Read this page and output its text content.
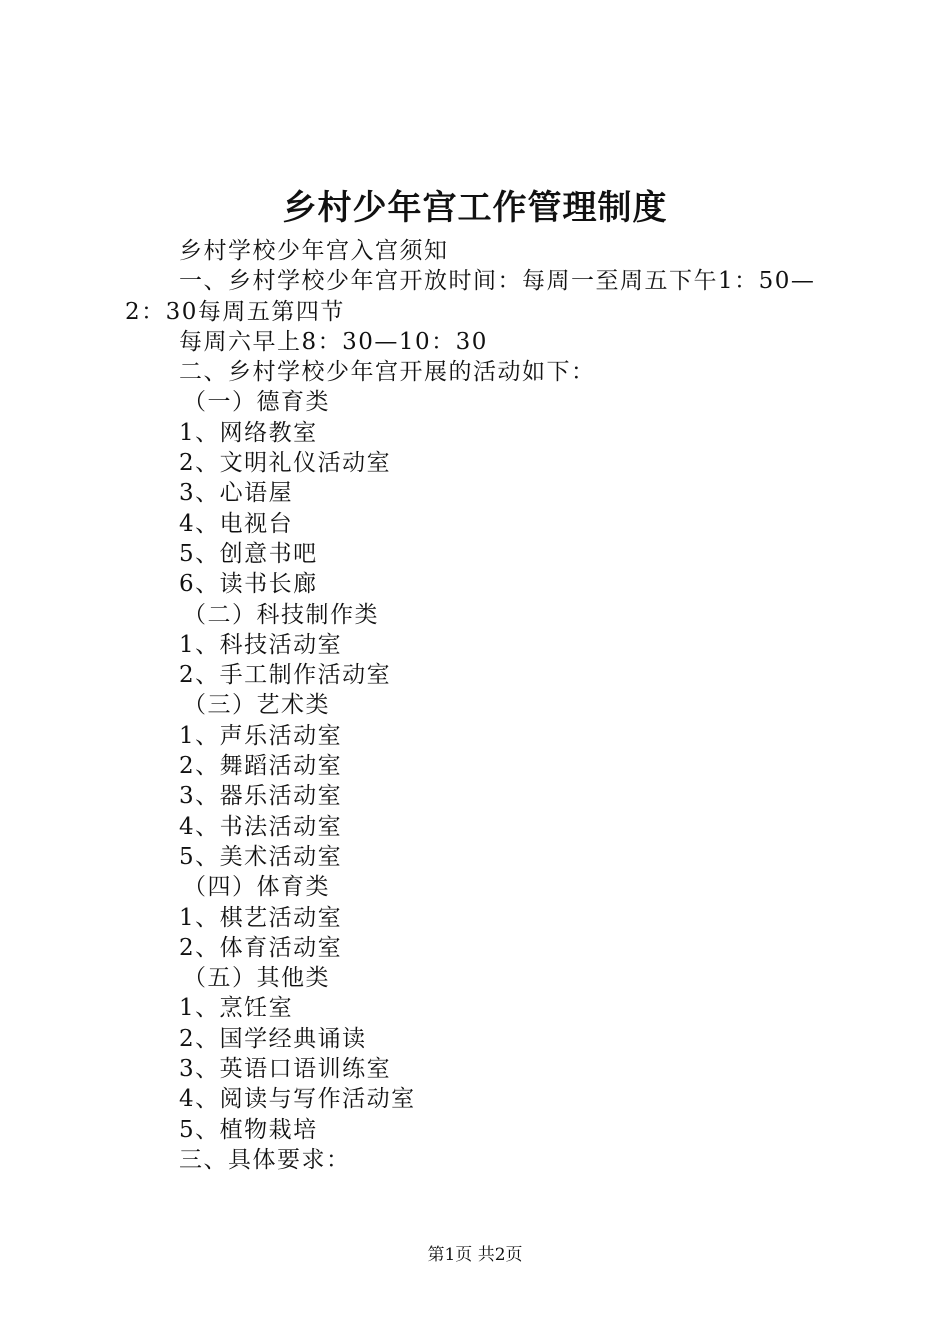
乡村少年宫工作管理制度
乡村学校少年宫入宫须知
一、乡村学校少年宫开放时间：每周一至周五下午1：50—2：30每周五第四节
每周六早上8：30—10：30
二、乡村学校少年宫开展的活动如下：
（一）德育类
1、网络教室
2、文明礼仪活动室
3、心语屋
4、电视台
5、创意书吧
6、读书长廊
（二）科技制作类
1、科技活动室
2、手工制作活动室
（三）艺术类
1、声乐活动室
2、舞蹈活动室
3、器乐活动室
4、书法活动室
5、美术活动室
（四）体育类
1、棋艺活动室
2、体育活动室
（五）其他类
1、烹饪室
2、国学经典诵读
3、英语口语训练室
4、阅读与写作活动室
5、植物栽培
三、具体要求：
第1页 共2页
